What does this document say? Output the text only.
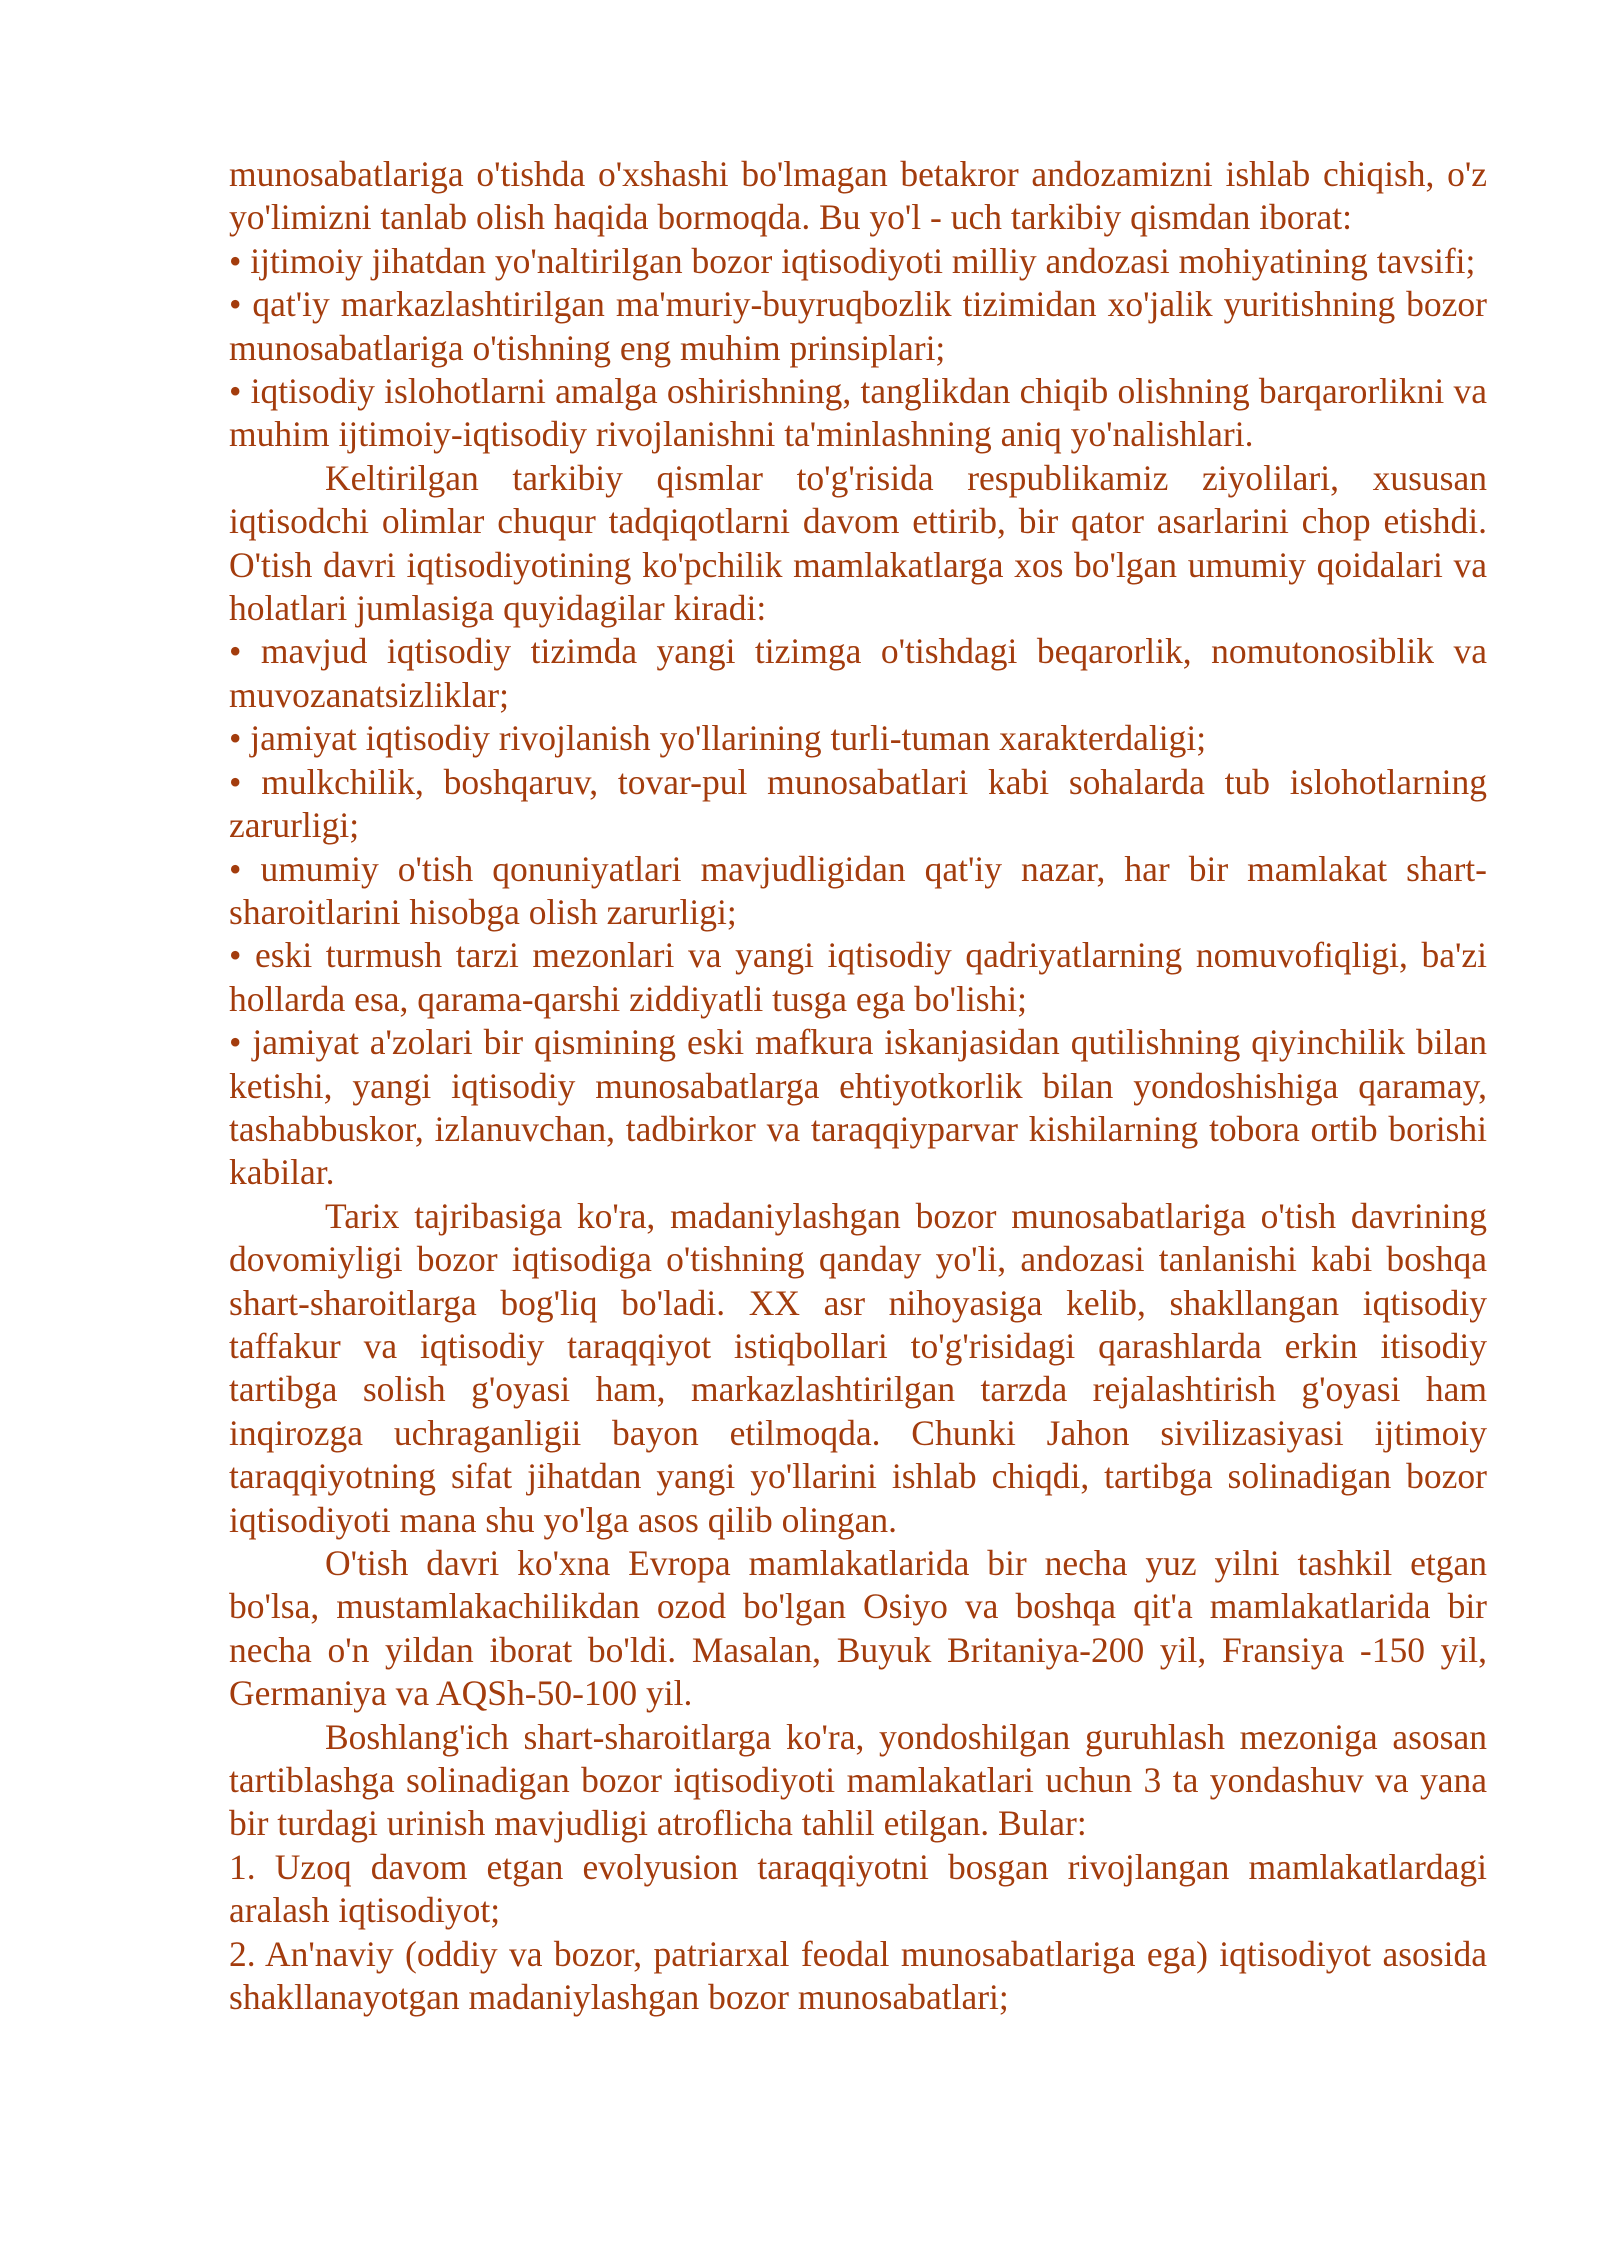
munosabatlariga o'tishda o'xshashi bo'lmagan betakror andozamizni ishlab chiqish, o'z yo'limizni tanlab olish haqida bormoqda. Bu yo'l - uch tarkibiy qismdan iborat:

• ijtimoiy jihatdan yo'naltirilgan bozor iqtisodiyoti milliy andozasi mohiyatining tavsifi;

• qat'iy markazlashtirilgan ma'muriy-buyruqbozlik tizimidan xo'jalik yuritishning bozor munosabatlariga o'tishning eng muhim prinsiplari;

• iqtisodiy islohotlarni amalga oshirishning, tanglikdan chiqib olishning barqarorlikni va muhim ijtimoiy-iqtisodiy rivojlanishni ta'minlashning aniq yo'nalishlari.

Keltirilgan tarkibiy qismlar to'g'risida respublikamiz ziyolilari, xususan iqtisodchi olimlar chuqur tadqiqotlarni davom ettirib, bir qator asarlarini chop etishdi. O'tish davri iqtisodiyotining ko'pchilik mamlakatlarga xos bo'lgan umumiy qoidalari va holatlari jumlasiga quyidagilar kiradi:

• mavjud iqtisodiy tizimda yangi tizimga o'tishdagi beqarorlik, nomutonosiblik va muvozanatsizliklar;

• jamiyat iqtisodiy rivojlanish yo'llarining turli-tuman xarakterdaligi;

• mulkchilik, boshqaruv, tovar-pul munosabatlari kabi sohalarda tub islohotlarning zarurligi;

• umumiy o'tish qonuniyatlari mavjudligidan qat'iy nazar, har bir mamlakat shart-sharoitlarini hisobga olish zarurligi;

• eski turmush tarzi mezonlari va yangi iqtisodiy qadriyatlarning nomuvofiqligi, ba'zi hollarda esa, qarama-qarshi ziddiyatli tusga ega bo'lishi;

• jamiyat a'zolari bir qismining eski mafkura iskanjasidan qutilishning qiyinchilik bilan ketishi, yangi iqtisodiy munosabatlarga ehtiyotkorlik bilan yondoshishiga qaramay, tashabbuskor, izlanuvchan, tadbirkor va taraqqiyparvar kishilarning tobora ortib borishi kabilar.

Tarix tajribasiga ko'ra, madaniylashgan bozor munosabatlariga o'tish davrining dovomiyligi bozor iqtisodiga o'tishning qanday yo'li, andozasi tanlanishi kabi boshqa shart-sharoitlarga bog'liq bo'ladi. XX asr nihoyasiga kelib, shakllangan iqtisodiy taffakur va iqtisodiy taraqqiyot istiqbollari to'g'risidagi qarashlarda erkin itisodiy tartibga solish g'oyasi ham, markazlashtirilgan tarzda rejalashtirish g'oyasi ham inqirozga uchraganligii bayon etilmoqda. Chunki Jahon sivilizasiyasi ijtimoiy taraqqiyotning sifat jihatdan yangi yo'llarini ishlab chiqdi, tartibga solinadigan bozor iqtisodiyoti mana shu yo'lga asos qilib olingan.

O'tish davri ko'xna Evropa mamlakatlarida bir necha yuz yilni tashkil etgan bo'lsa, mustamlakachilikdan ozod bo'lgan Osiyo va boshqa qit'a mamlakatlarida bir necha o'n yildan iborat bo'ldi. Masalan, Buyuk Britaniya-200 yil, Fransiya -150 yil, Germaniya va AQSh-50-100 yil.

Boshlang'ich shart-sharoitlarga ko'ra, yondoshilgan guruhlash mezoniga asosan tartiblashga solinadigan bozor iqtisodiyoti mamlakatlari uchun 3 ta yondashuv va yana bir turdagi urinish mavjudligi atroflicha tahlil etilgan. Bular:

1. Uzoq davom etgan evolyusion taraqqiyotni bosgan rivojlangan mamlakatlardagi aralash iqtisodiyot;

2. An'naviy (oddiy va bozor, patriarxal feodal munosabatlariga ega) iqtisodiyot asosida shakllanayotgan madaniylashgan bozor munosabatlari;
